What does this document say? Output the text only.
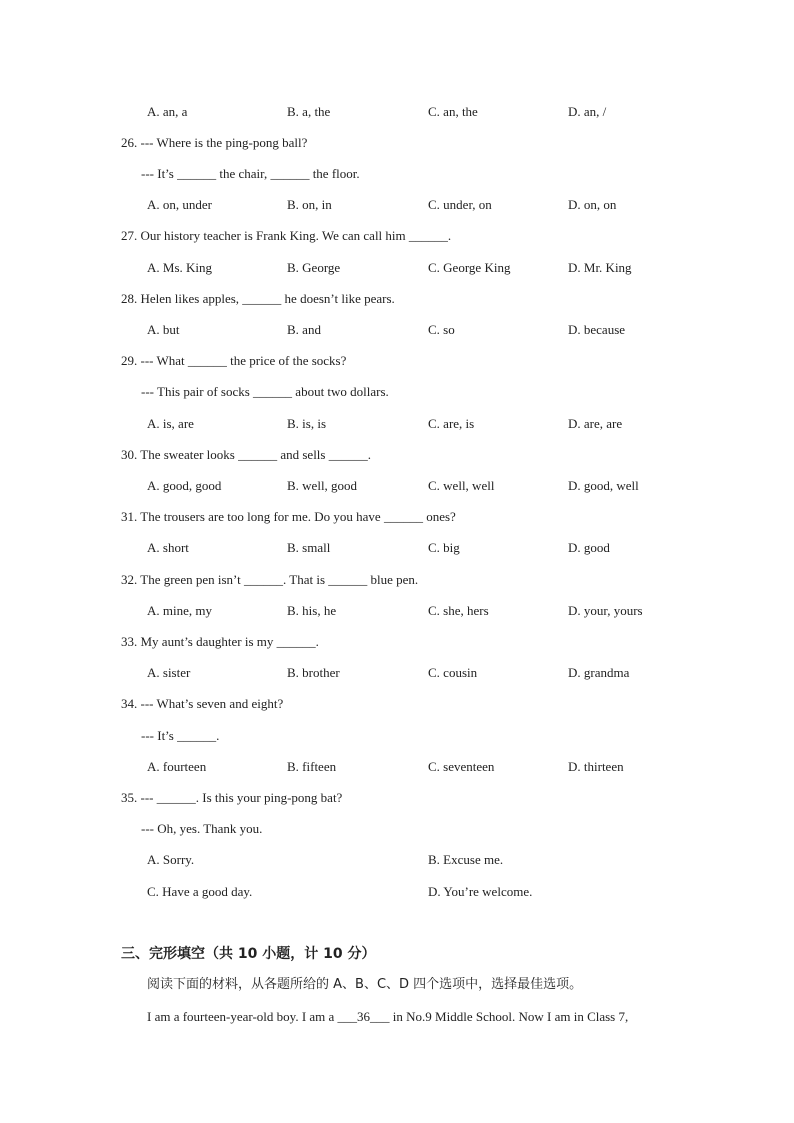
A. an, a	B. a, the	C. an, the	D. an, /
26. --- Where is the ping-pong ball?
--- It’s ______ the chair, ______ the floor.
A. on, under	B. on, in	C. under, on	D. on, on
27. Our history teacher is Frank King. We can call him ______.
A. Ms. King	B. George	C. George King	D. Mr. King
28. Helen likes apples, ______ he doesn’t like pears.
A. but	B. and	C. so	D. because
29. --- What ______ the price of the socks?
--- This pair of socks ______ about two dollars.
A. is, are	B. is, is	C. are, is	D. are, are
30. The sweater looks ______ and sells ______.
A. good, good	B. well, good	C. well, well	D. good, well
31. The trousers are too long for me. Do you have ______ ones?
A. short	B. small	C. big	D. good
32. The green pen isn’t ______. That is ______ blue pen.
A. mine, my	B. his, he	C. she, hers	D. your, yours
33. My aunt’s daughter is my ______.
A. sister	B. brother	C. cousin	D. grandma
34. --- What’s seven and eight?
--- It’s ______.
A. fourteen	B. fifteen	C. seventeen	D. thirteen
35. --- ______. Is this your ping-pong bat?
--- Oh, yes. Thank you.
A. Sorry.	B. Excuse me.
C. Have a good day.	D. You’re welcome.
三、完形填空（共 10 小题，计 10 分）
阅读下面的材料，从各题所给的 A、B、C、D 四个选项中，选择最佳选项。
I am a fourteen-year-old boy. I am a ___36___ in No.9 Middle School. Now I am in Class 7,
